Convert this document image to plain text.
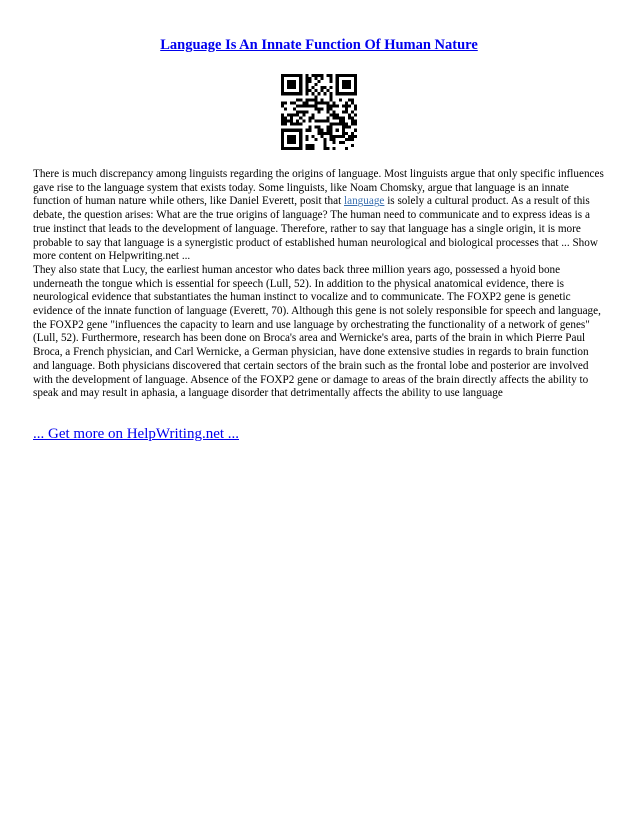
Language Is An Innate Function Of Human Nature

There is much discrepancy among linguists regarding the origins of language. Most linguists argue that only specific influences gave rise to the language system that exists today. Some linguists, like Noam Chomsky, argue that language is an innate function of human nature while others, like Daniel Everett, posit that language is solely a cultural product. As a result of this debate, the question arises: What are the true origins of language? The human need to communicate and to express ideas is a true instinct that leads to the development of language. Therefore, rather to say that language has a single origin, it is more probable to say that language is a synergistic product of established human neurological and biological processes that ... Show more content on Helpwriting.net ...

They also state that Lucy, the earliest human ancestor who dates back three million years ago, possessed a hyoid bone underneath the tongue which is essential for speech (Lull, 52). In addition to the physical anatomical evidence, there is neurological evidence that substantiates the human instinct to vocalize and to communicate. The FOXP2 gene is genetic evidence of the innate function of language (Everett, 70). Although this gene is not solely responsible for speech and language, the FOXP2 gene "influences the capacity to learn and use language by orchestrating the functionality of a network of genes" (Lull, 52). Furthermore, research has been done on Broca's area and Wernicke's area, parts of the brain in which Pierre Paul Broca, a French physician, and Carl Wernicke, a German physician, have done extensive studies in regards to brain function and language. Both physicians discovered that certain sectors of the brain such as the frontal lobe and posterior are involved with the development of language. Absence of the FOXP2 gene or damage to areas of the brain directly affects the ability to speak and may result in aphasia, a language disorder that detrimentally affects the ability to use language

... Get more on HelpWriting.net ...
